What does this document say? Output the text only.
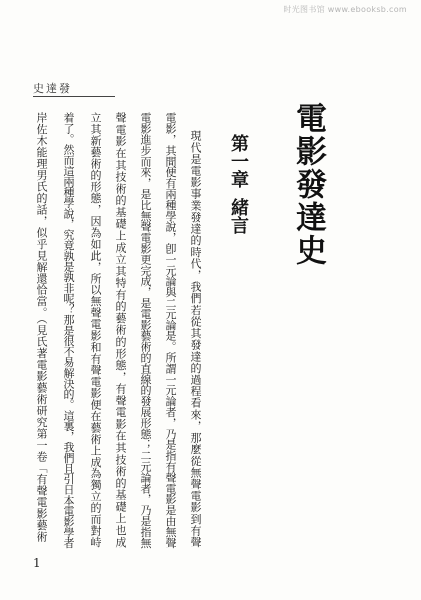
时光图书馆 www.ebooksb.com
史達發
電影發達史
第一章緒言
現代是電影事業發達的時代，我們若從其發達的過程看來，那麼從無聲電影到有聲
電影，其間便有兩種學說，卽一元論與二元論是。所謂一元論者，乃是指有聲電影是由無聲
電影進步而來，是比無聲電影更完成，是電影藝術的直線的發展形態；二元論者，乃是指無
聲電影在其技術的基礎上成立其特有的藝術的形態，有聲電影在其技術的基礎上也成
立其新藝術的形態，因為如此，所以無聲電影和有聲電影便在藝術上成為獨立的而對峙
着了。然而這兩種學說，究竟孰是孰非呢？那是很不易解決的。這裏，我們且引日本電影學者
岸佐木能理男氏的話，似乎見解還恰當。（見氏著電影藝術研究第一卷「有聲電影藝術
1
